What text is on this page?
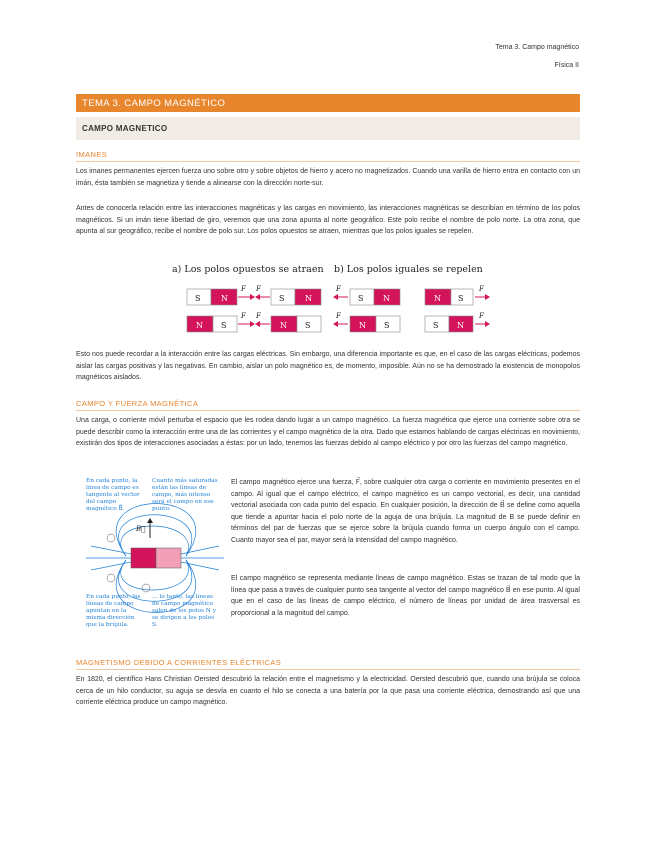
Tema 3. Campo magnético
Física II
TEMA 3. CAMPO MAGNÉTICO
CAMPO MAGNETICO
IMANES

Los imanes permanentes ejercen fuerza uno sobre otro y sobre objetos de hierro y acero no magnetizados. Cuando una varilla de hierro entra en contacto con un imán, ésta también se magnetiza y tiende a alinearse con la dirección norte-sur.

Antes de conocerla relación entre las interacciones magnéticas y las cargas en movimiento, las interacciones magnéticas se describían en término de los polos magnéticos. Si un imán tiene libertad de giro, veremos que una zona apunta al norte geográfico. Este polo recibe el nombre de polo norte. La otra zona, que apunta al sur geográfico, recibe el nombre de polo sur. Los polos opuestos se atraen, mientras que los polos iguales se repelen.

a) Los polos opuestos se atraen b) Los polos iguales se repelen
S	N
F F
S	N
N S
F F
N S
F
S N	N S
F
F
N S	S N
F

Esto nos puede recordar a la interacción entre las cargas eléctricas. Sin embargo, una diferencia importante es que, en el caso de las cargas eléctricas, podemos aislar las cargas positivas y las negativas. En cambio, aislar un polo magnético es, de momento, imposible. Aún no se ha demostrado la existencia de monopolos magnéticos aislados.

CAMPO Y FUERZA MAGNÉTICA

Una carga, o corriente móvil perturba el espacio que les rodea dando lugar a un campo magnético. La fuerza magnética que ejerce una corriente sobre otra se puede describir como la interacción entre una de las corrientes y el campo magnético de la otra. Dado que estamos hablando de cargas eléctricas en movimiento, existirán dos tipos de interacciones asociadas a éstas: por un lado, tenemos las fuerzas debido al campo eléctrico y por otro las fuerzas del campo magnético.

B⃗
En cada punto, la línea de campo es tangente al vector del campo magnético B⃗.
Cuanto más saturadas están las líneas de campo, más intenso será el campo en ese punto.
En cada punto, las líneas de campo apuntan en la misma dirección que la brújula.
... lo tanto, las líneas de campo magnético salen de los polos N y se dirigen a los polos S.

El campo magnético ejerce una fuerza, F⃗, sobre cualquier otra carga o corriente en movimiento presentes en el campo. Al igual que el campo eléctrico, el campo magnético es un campo vectorial, es decir, una cantidad vectorial asociada con cada punto del espacio. En cualquier posición, la dirección de B⃗ se define como aquella que tiende a apuntar hacia el polo norte de la aguja de una brújula. La magnitud de B se puede definir en términos del par de fuerzas que se ejerce sobre la brújula cuando forma un cuerpo ángulo con el campo. Cuanto mayor sea el par, mayor será la intensidad del campo magnético.

El campo magnético se representa mediante líneas de campo magnético. Estas se trazan de tal modo que la línea que pasa a través de cualquier punto sea tangente al vector del campo magnético B⃗ en ese punto. Al igual que en el caso de las líneas de campo eléctrico, el número de líneas por unidad de área trasversal es proporcional a la magnitud del campo.

MAGNETISMO DEBIDO A CORRIENTES ELÉCTRICAS

En 1820, el científico Hans Christian Oersted descubrió la relación entre el magnetismo y la electricidad. Oersted descubrió que, cuando una brújula se coloca cerca de un hilo conductor, su aguja se desvía en cuanto el hilo se conecta a una batería por la que pasa una corriente eléctrica, demostrando así que una corriente eléctrica produce un campo magnético.
